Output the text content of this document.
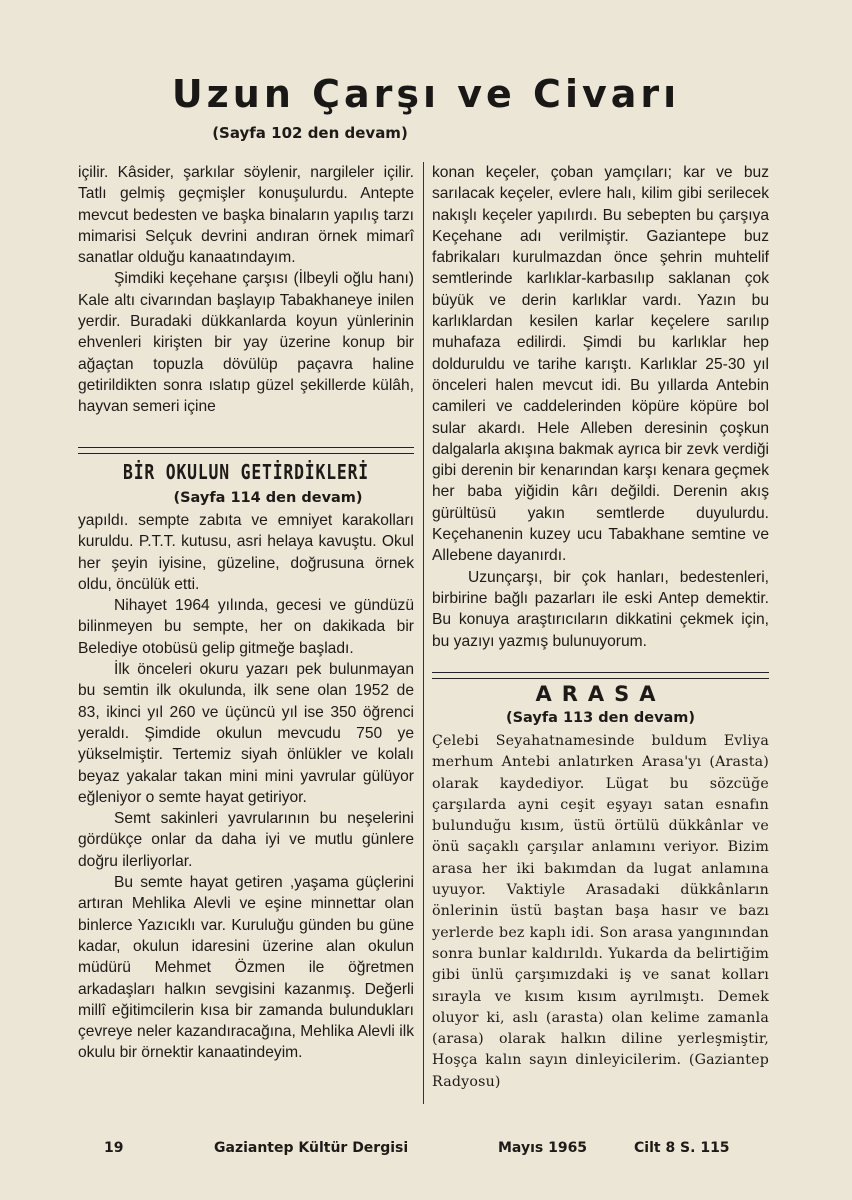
Uzun Çarşı ve Civarı
(Sayfa 102 den devam)

içilir. Kâsider, şarkılar söylenir, nargileler içilir. Tatlı gelmiş geçmişler konuşulurdu. Antepte mevcut bedesten ve başka binaların yapılış tarzı mimarisi Selçuk devrini andıran örnek mimarî sanatlar olduğu kanaatındayım.

Şimdiki keçehane çarşısı (İlbeyli oğlu hanı) Kale altı civarından başlayıp Tabakhaneye inilen yerdir. Buradaki dükkanlarda koyun yünlerinin ehvenleri kirişten bir yay üzerine konup bir ağaçtan topuzla dövülüp paçavra haline getirildikten sonra ıslatıp güzel şekillerde külâh, hayvan semeri içine

konan keçeler, çoban yamçıları; kar ve buz sarılacak keçeler, evlere halı, kilim gibi serilecek nakışlı keçeler yapılırdı. Bu sebepten bu çarşıya Keçehane adı verilmiştir. Gaziantepe buz fabrikaları kurulmazdan önce şehrin muhtelif semtlerinde karlıklar-karbasılıp saklanan çok büyük ve derin karlıklar vardı. Yazın bu karlıklardan kesilen karlar keçelere sarılıp muhafaza edilirdi. Şimdi bu karlıklar hep dolduruldu ve tarihe karıştı. Karlıklar 25-30 yıl önceleri halen mevcut idi. Bu yıllarda Antebin camileri ve caddelerinden köpüre köpüre bol sular akardı. Hele Alleben deresinin çoşkun dalgalarla akışına bakmak ayrıca bir zevk verdiği gibi derenin bir kenarından karşı kenara geçmek her baba yiğidin kârı değildi. Derenin akış gürültüsü yakın semtlerde duyulurdu. Keçehanenin kuzey ucu Tabakhane semtine ve Allebene dayanırdı.

Uzunçarşı, bir çok hanları, bedestenleri, birbirine bağlı pazarları ile eski Antep demektir. Bu konuya araştırıcıların dikkatini çekmek için, bu yazıyı yazmış bulunuyorum.

BİR OKULUN GETİRDİKLERİ
(Sayfa 114 den devam)

yapıldı. sempte zabıta ve emniyet karakolları kuruldu. P.T.T. kutusu, asri helaya kavuştu. Okul her şeyin iyisine, güzeline, doğrusuna örnek oldu, öncülük etti.

Nihayet 1964 yılında, gecesi ve gündüzü bilinmeyen bu sempte, her on dakikada bir Belediye otobüsü gelip gitmeğe başladı.

İlk önceleri okuru yazarı pek bulunmayan bu semtin ilk okulunda, ilk sene olan 1952 de 83, ikinci yıl 260 ve üçüncü yıl ise 350 öğrenci yeraldı. Şimdide okulun mevcudu 750 ye yükselmiştir. Tertemiz siyah önlükler ve kolalı beyaz yakalar takan mini mini yavrular gülüyor eğleniyor o semte hayat getiriyor.

Semt sakinleri yavrularının bu neşelerini gördükçe onlar da daha iyi ve mutlu günlere doğru ilerliyorlar.

Bu semte hayat getiren ,yaşama güçlerini artıran Mehlika Alevli ve eşine minnettar olan binlerce Yazıcıklı var. Kuruluğu günden bu güne kadar, okulun idaresini üzerine alan okulun müdürü Mehmet Özmen ile öğretmen arkadaşları halkın sevgisini kazanmış. Değerli millî eğitimcilerin kısa bir zamanda bulundukları çevreye neler kazandıracağına, Mehlika Alevli ilk okulu bir örnektir kanaatindeyim.

ARASA
(Sayfa 113 den devam)

Çelebi Seyahatnamesinde buldum Evliya merhum Antebi anlatırken Arasa'yı (Arasta) olarak kaydediyor. Lügat bu sözcüğe çarşılarda ayni ceşit eşyayı satan esnafın bulunduğu kısım, üstü örtülü dükkânlar ve önü saçaklı çarşılar anlamını veriyor. Bizim arasa her iki bakımdan da lugat anlamına uyuyor. Vaktiyle Arasadaki dükkânların önlerinin üstü baştan başa hasır ve bazı yerlerde bez kaplı idi. Son arasa yangınından sonra bunlar kaldırıldı. Yukarda da belirtiğim gibi ünlü çarşımızdaki iş ve sanat kolları sırayla ve kısım kısım ayrılmıştı. Demek oluyor ki, aslı (arasta) olan kelime zamanla (arasa) olarak halkın diline yerleşmiştir, Hoşça kalın sayın dinleyicilerim. (Gaziantep Radyosu)

19	Gaziantep Kültür Dergisi	Mayıs 1965	Cilt 8 S. 115
